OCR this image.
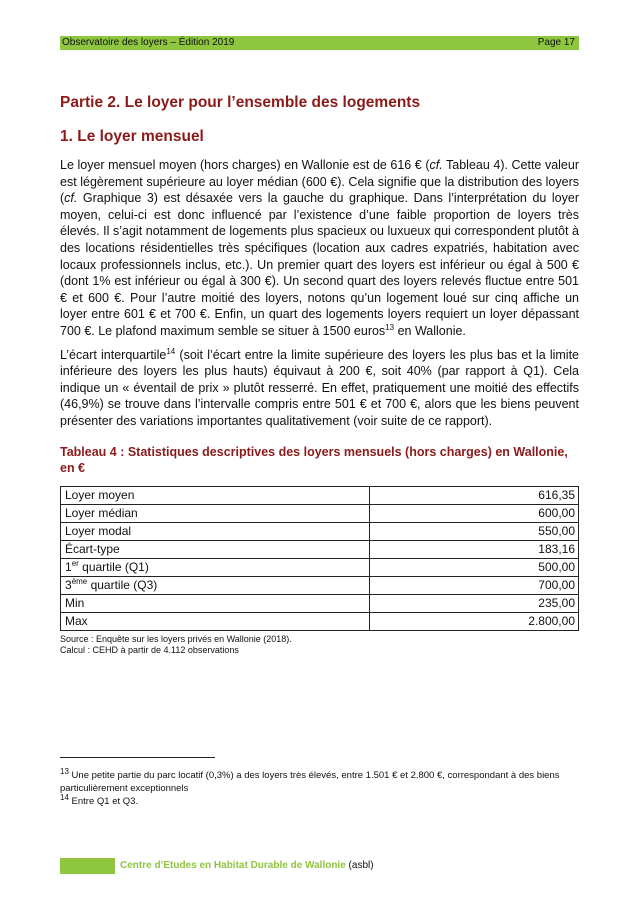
Observatoire des loyers – Édition 2019	Page 17
Partie 2. Le loyer pour l’ensemble des logements
1. Le loyer mensuel

Le loyer mensuel moyen (hors charges) en Wallonie est de 616 € (cf. Tableau 4). Cette valeur est légèrement supérieure au loyer médian (600 €). Cela signifie que la distribution des loyers (cf. Graphique 3) est désaxée vers la gauche du graphique. Dans l’interprétation du loyer moyen, celui-ci est donc influencé par l’existence d’une faible proportion de loyers très élevés. Il s’agit notamment de logements plus spacieux ou luxueux qui correspondent plutôt à des locations résidentielles très spécifiques (location aux cadres expatriés, habitation avec locaux professionnels inclus, etc.). Un premier quart des loyers est inférieur ou égal à 500 € (dont 1% est inférieur ou égal à 300 €). Un second quart des loyers relevés fluctue entre 501 € et 600 €. Pour l’autre moitié des loyers, notons qu’un logement loué sur cinq affiche un loyer entre 601 € et 700 €. Enfin, un quart des logements loyers requiert un loyer dépassant 700 €. Le plafond maximum semble se situer à 1500 euros$^{13}$ en Wallonie.

L’écart interquartile$^{14}$ (soit l’écart entre la limite supérieure des loyers les plus bas et la limite inférieure des loyers les plus hauts) équivaut à 200 €, soit 40% (par rapport à Q1). Cela indique un « éventail de prix » plutôt resserré. En effet, pratiquement une moitié des effectifs (46,9%) se trouve dans l’intervalle compris entre 501 € et 700 €, alors que les biens peuvent présenter des variations importantes qualitativement (voir suite de ce rapport).

Tableau 4 : Statistiques descriptives des loyers mensuels (hors charges) en Wallonie, en €
Loyer moyen	616,35
Loyer médian	600,00
Loyer modal	550,00
Écart-type	183,16
1er quartile (Q1)	500,00
3ème quartile (Q3)	700,00
Min	235,00
Max	2.800,00
Source : Enquête sur les loyers privés en Wallonie (2018).
Calcul : CEHD à partir de 4.112 observations

$^{13}$ Une petite partie du parc locatif (0,3%) a des loyers très élevés, entre 1.501 € et 2.800 €, correspondant à des biens particulièrement exceptionnels

$^{14}$ Entre Q1 et Q3.

Centre d’Etudes en Habitat Durable de Wallonie (asbl)
